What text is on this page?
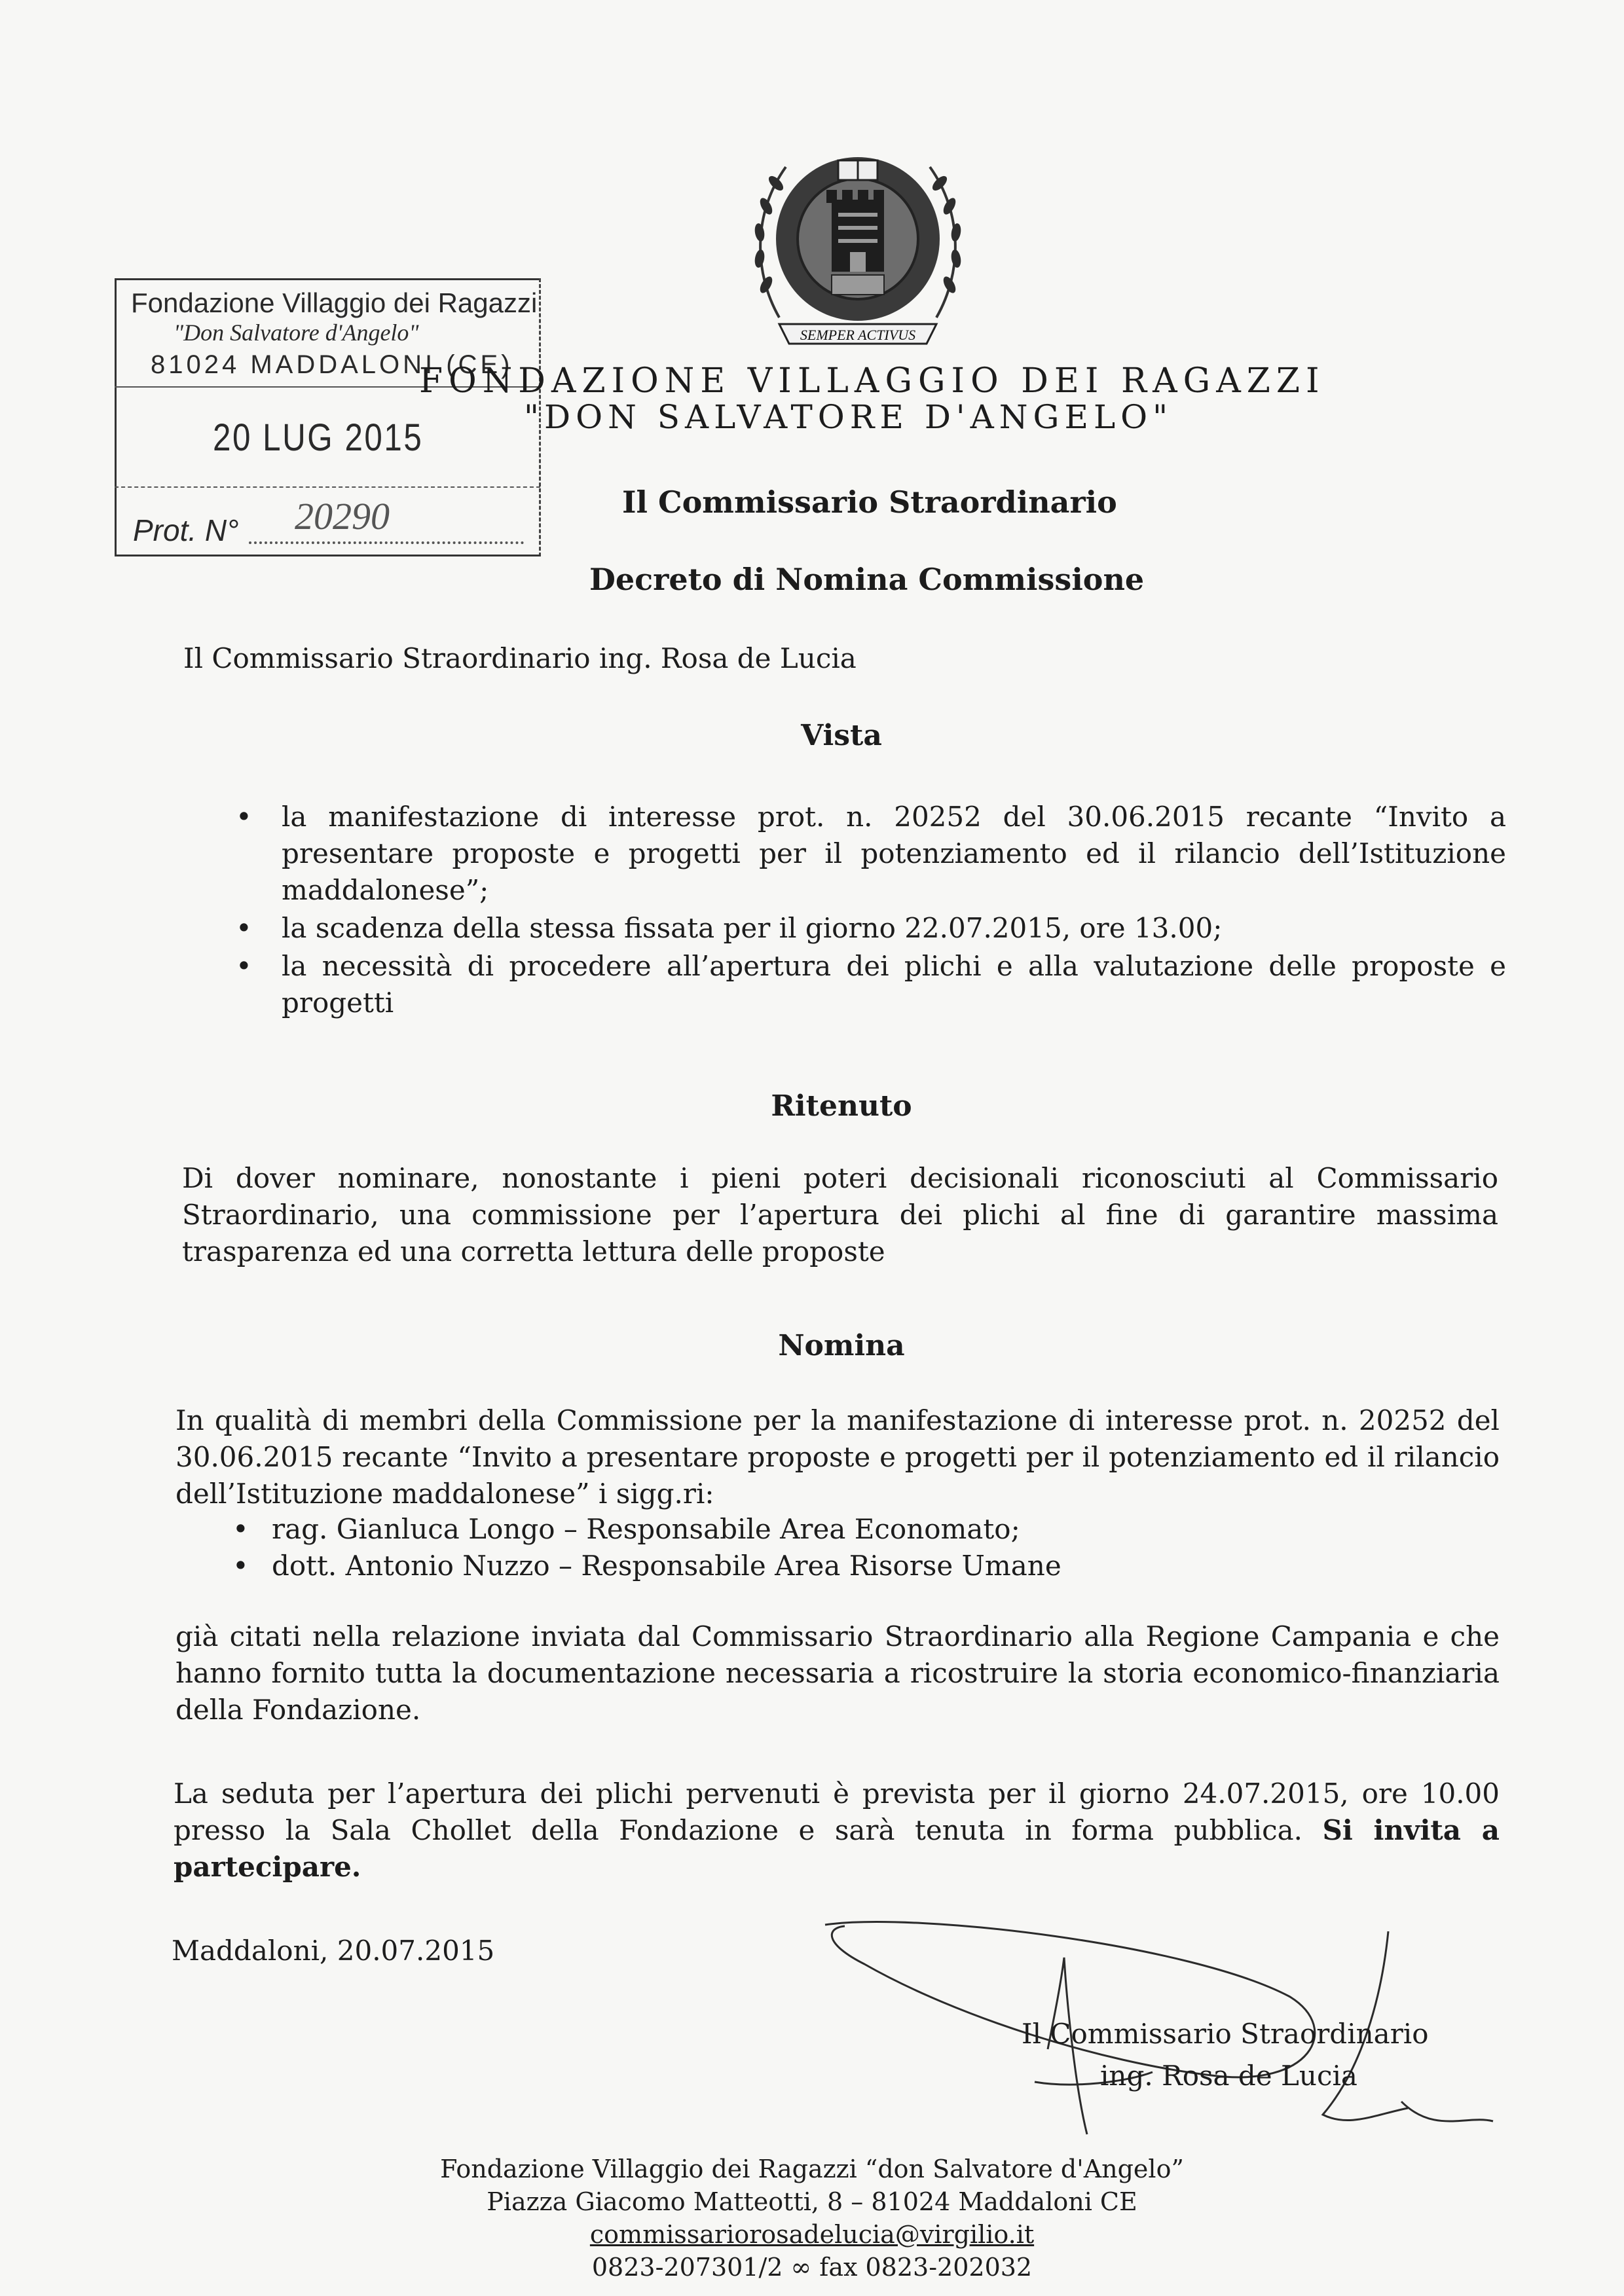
SEMPER ACTIVUS
Fondazione Villaggio dei Ragazzi
"Don Salvatore d'Angelo"
81024 MADDALONI (CE)
20 LUG 2015
Prot. N° 20290
FONDAZIONE VILLAGGIO DEI RAGAZZI
"DON SALVATORE D'ANGELO"
Il Commissario Straordinario
Decreto di Nomina Commissione
Il Commissario Straordinario ing. Rosa de Lucia
Vista
• la manifestazione di interesse prot. n. 20252 del 30.06.2015 recante “Invito a presentare proposte e progetti per il potenziamento ed il rilancio dell’Istituzione maddalonese”;
• la scadenza della stessa fissata per il giorno 22.07.2015, ore 13.00;
• la necessità di procedere all’apertura dei plichi e alla valutazione delle proposte e progetti
Ritenuto
Di dover nominare, nonostante i pieni poteri decisionali riconosciuti al Commissario Straordinario, una commissione per l’apertura dei plichi al fine di garantire massima trasparenza ed una corretta lettura delle proposte
Nomina
In qualità di membri della Commissione per la manifestazione di interesse prot. n. 20252 del 30.06.2015 recante “Invito a presentare proposte e progetti per il potenziamento ed il rilancio dell’Istituzione maddalonese” i sigg.ri:
• rag. Gianluca Longo – Responsabile Area Economato;
• dott. Antonio Nuzzo – Responsabile Area Risorse Umane
già citati nella relazione inviata dal Commissario Straordinario alla Regione Campania e che hanno fornito tutta la documentazione necessaria a ricostruire la storia economico-finanziaria della Fondazione.
La seduta per l’apertura dei plichi pervenuti è prevista per il giorno 24.07.2015, ore 10.00 presso la Sala Chollet della Fondazione e sarà tenuta in forma pubblica. Si invita a partecipare.
Maddaloni, 20.07.2015
Il Commissario Straordinario
ing. Rosa de Lucia
Fondazione Villaggio dei Ragazzi “don Salvatore d'Angelo”
Piazza Giacomo Matteotti, 8 – 81024 Maddaloni CE
commissariorosadelucia@virgilio.it
0823-207301/2 ∞ fax 0823-202032
